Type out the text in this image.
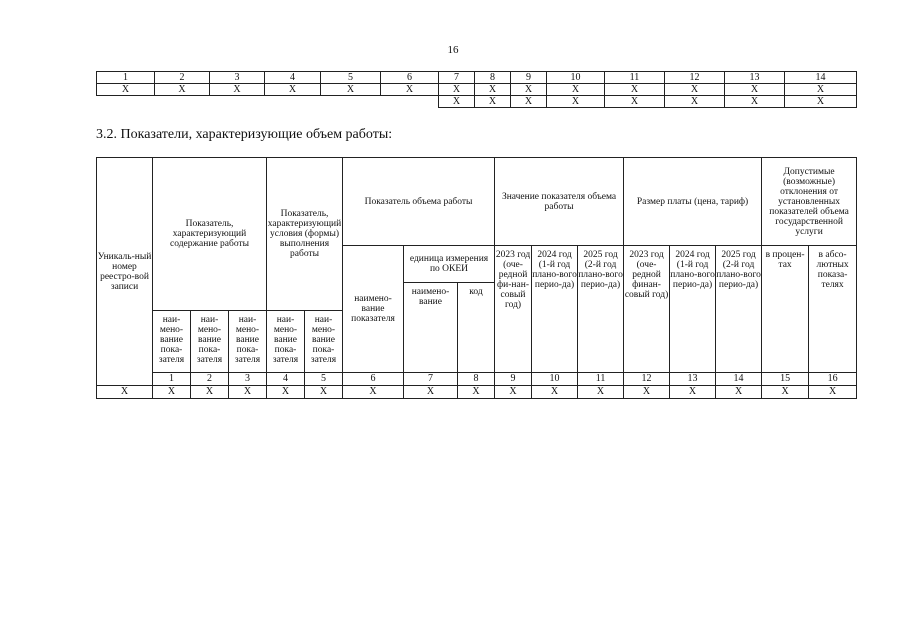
16
1	2	3	4	5	6	7	8	9	10	11	12	13	14
X	X	X	X	X	X	X	X	X	X	X	X	X	X
						X	X	X	X	X	X	X	X
3.2. Показатели, характеризующие объем работы:
Уникаль-ный номер реестро-вой записи	Показатель, характеризующий содержание работы			Показатель, характеризующий условия (формы) выполнения работы		Показатель объема работы			Значение показателя объема работы			Размер платы (цена, тариф)			Допустимые (возможные) отклонения от установленных показателей объема государственной услуги		
						наимено-вание показателя	единица измерения по ОКЕИ		2023 год (оче-редной фи-нан-совый год)	2024 год (1-й год плано-вого перио-да)	2025 год (2-й год плано-вого перио-да)	2023 год (оче-редной финан-совый год)	2024 год (1-й год плано-вого перио-да)	2025 год (2-й год плано-вого перио-да)	в процен-тах	в абсо-лютных показа-телях	
							наимено-вание	код									
	наи-мено-вание пока-зателя	наи-мено-вание пока-зателя	наи-мено-вание пока-зателя	наи-мено-вание пока-зателя	наи-мено-вание пока-зателя												
	1	2	3	4	5	6	7	8	9	10	11	12	13	14	15	16	
X	X	X	X	X	X	X	X	X	X	X	X	X	X	X	X	X	
